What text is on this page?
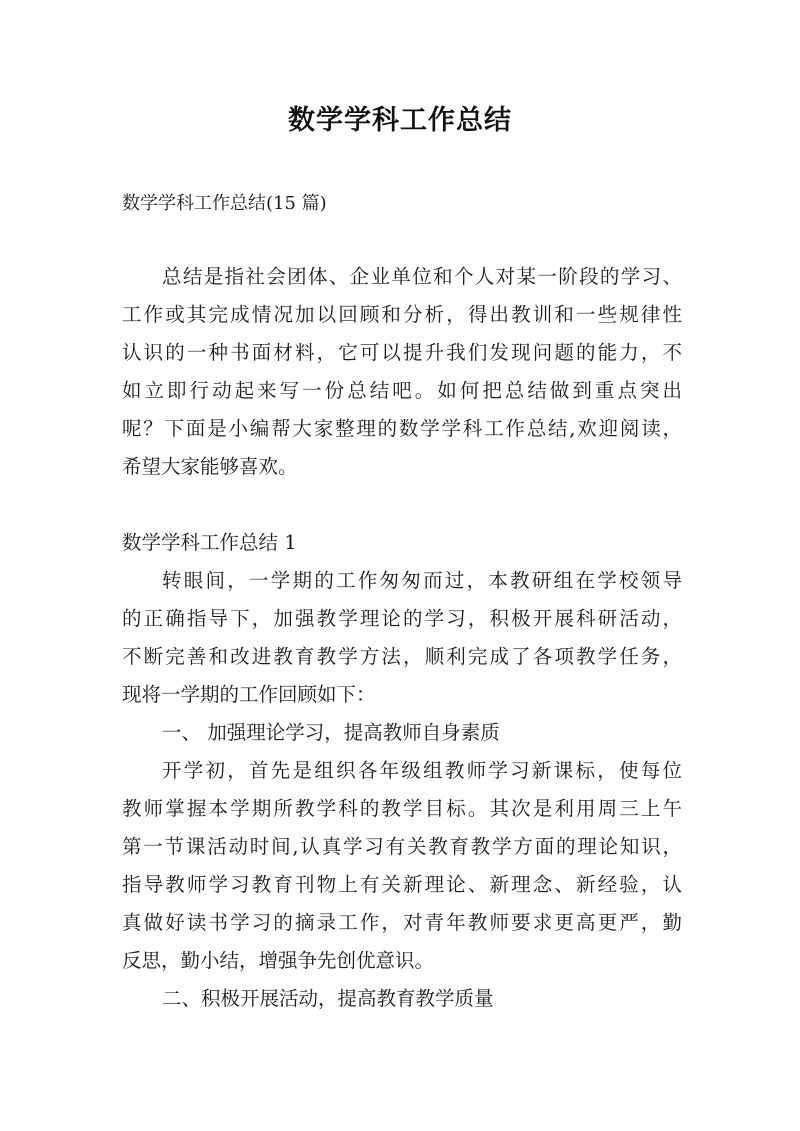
数学学科工作总结
数学学科工作总结(15 篇)
总结是指社会团体、企业单位和个人对某一阶段的学习、
工作或其完成情况加以回顾和分析，得出教训和一些规律性
认识的一种书面材料，它可以提升我们发现问题的能力，不
如立即行动起来写一份总结吧。如何把总结做到重点突出
呢？下面是小编帮大家整理的数学学科工作总结,欢迎阅读，
希望大家能够喜欢。
数学学科工作总结 1
转眼间，一学期的工作匆匆而过，本教研组在学校领导
的正确指导下，加强教学理论的学习，积极开展科研活动，
不断完善和改进教育教学方法，顺利完成了各项教学任务，
现将一学期的工作回顾如下：
一、 加强理论学习，提高教师自身素质
开学初，首先是组织各年级组教师学习新课标，使每位
教师掌握本学期所教学科的教学目标。其次是利用周三上午
第一节课活动时间,认真学习有关教育教学方面的理论知识，
指导教师学习教育刊物上有关新理论、新理念、新经验，认
真做好读书学习的摘录工作，对青年教师要求更高更严，勤
反思，勤小结，增强争先创优意识。
二、积极开展活动，提高教育教学质量
